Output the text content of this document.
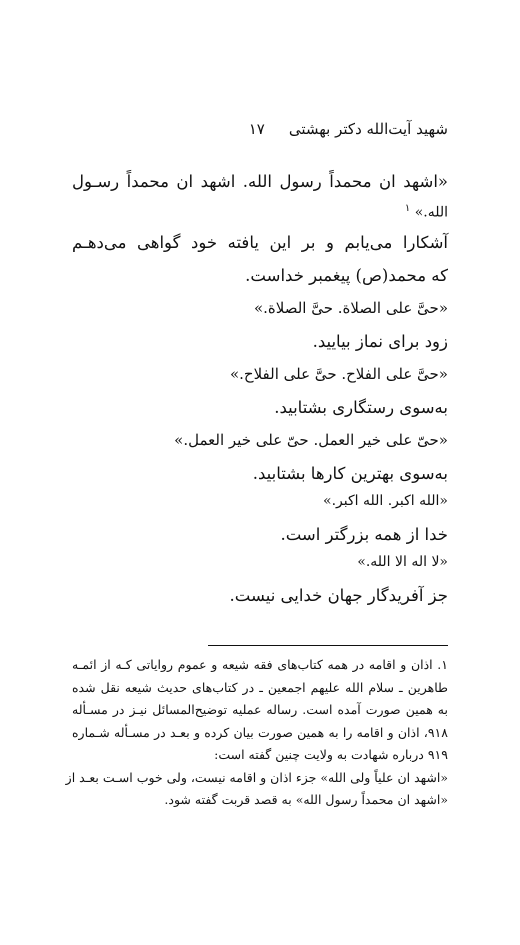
شهید آیت‌الله دکتر بهشتی۱۷
«اشهد ان محمداً رسول الله. اشهد ان محمداً رسـول
الله.» $^۱$
آشکارا می‌یابم و بر این یافته خود گواهی می‌دهـم
که محمد(ص) پیغمبر خداست.
«حیَّ علی الصلاة. حیَّ الصلاة.»
زود برای نماز بیایید.
«حیَّ علی الفلاح. حیَّ علی الفلاح.»
به‌سوی رستگاری بشتابید.
«حیّ علی خیر العمل. حیّ علی خیر العمل.»
به‌سوی بهترین کارها بشتابید.
«الله اکبر. الله اکبر.»
خدا از همه بزرگتر است.
«لا اله الا الله.»
جز آفریدگار جهان خدایی نیست.
۱. اذان و اقامه در همه کتاب‌های فقه شیعه و عموم روایاتی کـه از ائمـه
طاهرین ـ سلام الله علیهم اجمعین ـ در کتاب‌های حدیث شیعه نقل شده
به همین صورت آمده است. رساله عملیه توضیح‌المسائل نیـز در مسـأله
۹۱۸، اذان و اقامه را به همین صورت بیان کرده و بعـد در مسـأله شـماره
۹۱۹ درباره شهادت به ولایت چنین گفته است:
«اشهد ان علیاً ولی الله» جزء اذان و اقامه نیست، ولی خوب اسـت بعـد از
«اشهد ان محمداً رسول الله» به قصد قربت گفته شود.
